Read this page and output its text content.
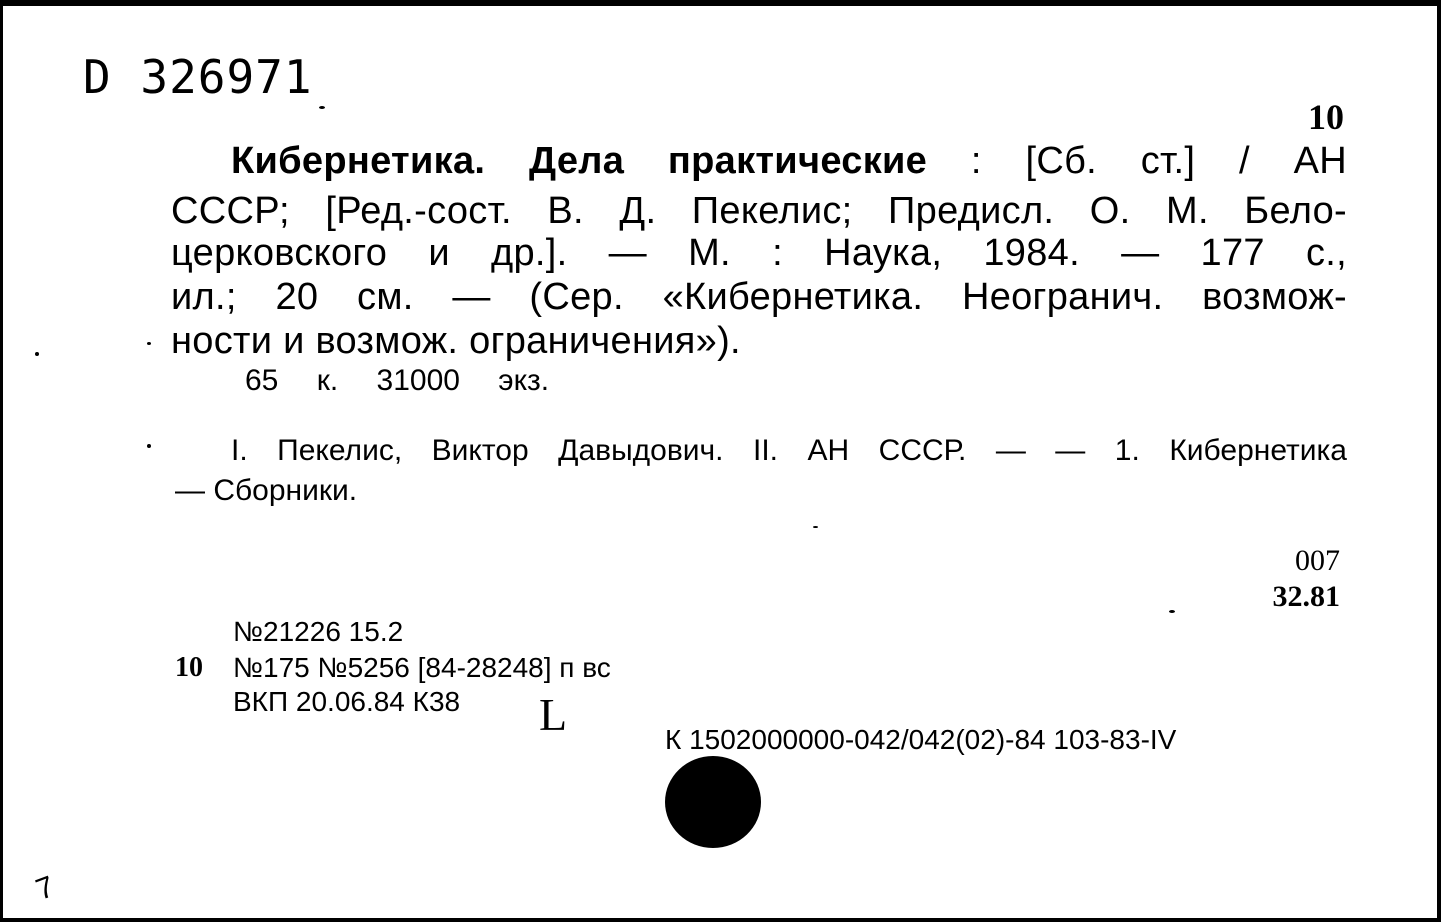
D 326971
10
Кибернетика. Дела практические : [Сб. ст.] / АН
СССР; [Ред.-сост. В. Д. Пекелис; Предисл. О. М. Бело-
церковского и др.]. — М. : Наука, 1984. — 177 с.,
ил.; 20 см. — (Сер. «Кибернетика. Неогранич. возмож-
ности и возмож. ограничения»).
65 к. 31000 экз.
I. Пекелис, Виктор Давыдович. II. АН СССР. — — 1. Кибернетика
— Сборники.
007
32.81
№21226 15.2
10 №175 №5256 [84-28248] п вс
ВКП 20.06.84 К38 L	К 1502000000-042/042(02)-84 103-83-IV
7
